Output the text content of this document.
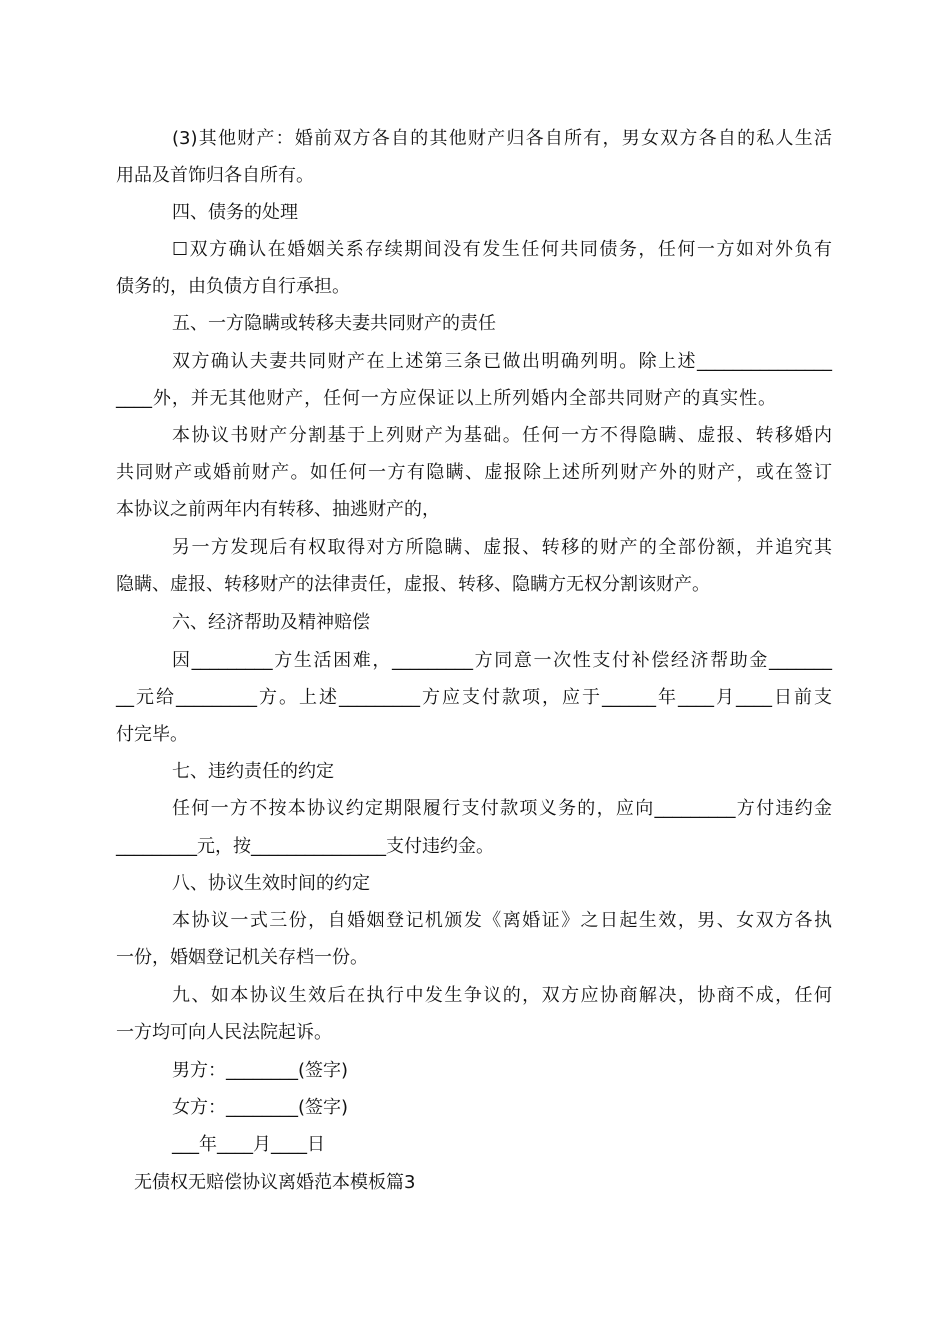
(3)其他财产：婚前双方各自的其他财产归各自所有，男女双方各自的私人生活
用品及首饰归各自所有。
四、债务的处理
☐双方确认在婚姻关系存续期间没有发生任何共同债务，任何一方如对外负有
债务的，由负债方自行承担。
五、一方隐瞒或转移夫妻共同财产的责任
双方确认夫妻共同财产在上述第三条已做出明确列明。除上述_______________
____外，并无其他财产，任何一方应保证以上所列婚内全部共同财产的真实性。
本协议书财产分割基于上列财产为基础。任何一方不得隐瞒、虚报、转移婚内
共同财产或婚前财产。如任何一方有隐瞒、虚报除上述所列财产外的财产，或在签订
本协议之前两年内有转移、抽逃财产的，
另一方发现后有权取得对方所隐瞒、虚报、转移的财产的全部份额，并追究其
隐瞒、虚报、转移财产的法律责任，虚报、转移、隐瞒方无权分割该财产。
六、经济帮助及精神赔偿
因_________方生活困难，_________方同意一次性支付补偿经济帮助金_______
__元给_________方。上述_________方应支付款项，应于______年____月____日前支
付完毕。
七、违约责任的约定
任何一方不按本协议约定期限履行支付款项义务的，应向_________方付违约金
_________元，按_______________支付违约金。
八、协议生效时间的约定
本协议一式三份，自婚姻登记机颁发《离婚证》之日起生效，男、女双方各执
一份，婚姻登记机关存档一份。
九、如本协议生效后在执行中发生争议的，双方应协商解决，协商不成，任何
一方均可向人民法院起诉。
男方：________(签字)
女方：________(签字)
___年____月____日
无债权无赔偿协议离婚范本模板篇3
